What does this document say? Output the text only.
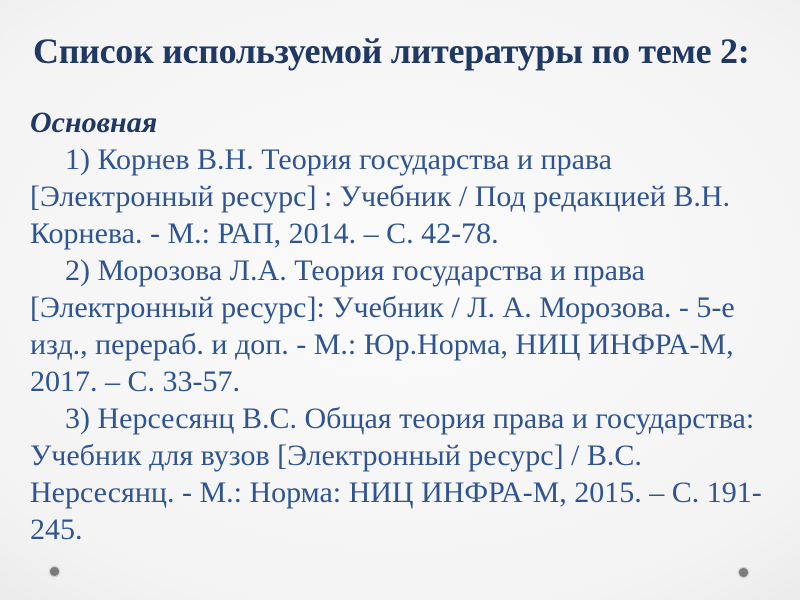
Список используемой литературы по теме 2:

Основная

1) Корнев В.Н. Теория государства и права [Электронный ресурс] : Учебник / Под редакцией В.Н. Корнева. - М.: РАП, 2014. – С. 42-78.

2) Морозова Л.А. Теория государства и права [Электронный ресурс]: Учебник / Л. А. Морозова. - 5-е изд., перераб. и доп. - М.: Юр.Норма, НИЦ ИНФРА-М, 2017. – С. 33-57.

3) Нерсесянц В.С. Общая теория права и государства: Учебник для вузов [Электронный ресурс] / В.С. Нерсесянц. - М.: Норма: НИЦ ИНФРА-М, 2015. – С. 191-245.
